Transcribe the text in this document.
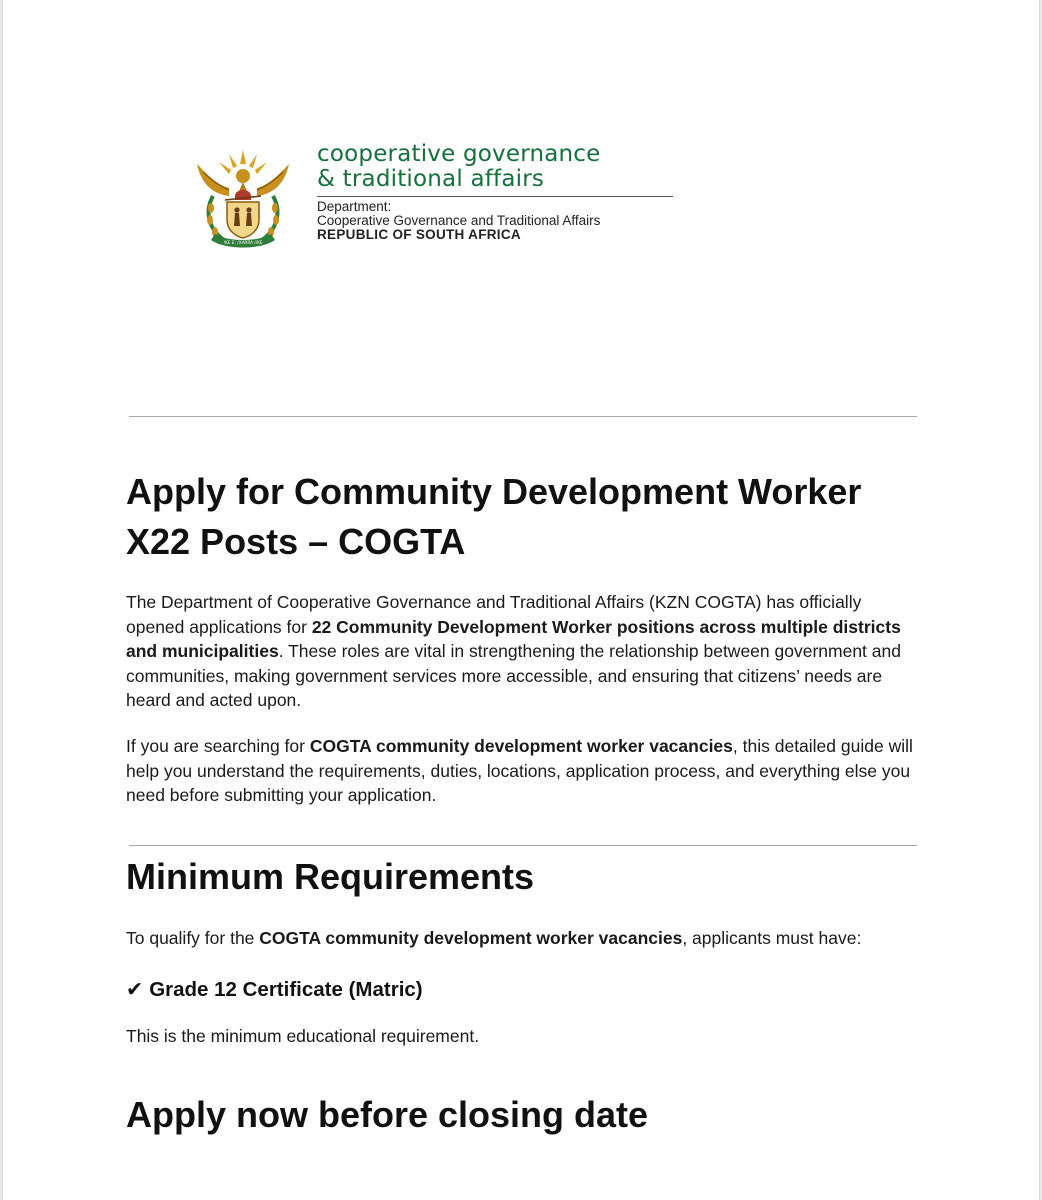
!KE E: /XARRA //KE
cooperative governance
& traditional affairs
Department:
Cooperative Governance and Traditional Affairs
REPUBLIC OF SOUTH AFRICA
Apply for Community Development Worker X22 Posts – COGTA

The Department of Cooperative Governance and Traditional Affairs (KZN COGTA) has officially opened applications for 22 Community Development Worker positions across multiple districts and municipalities. These roles are vital in strengthening the relationship between government and communities, making government services more accessible, and ensuring that citizens’ needs are heard and acted upon.

If you are searching for COGTA community development worker vacancies, this detailed guide will help you understand the requirements, duties, locations, application process, and everything else you need before submitting your application.

Minimum Requirements

To qualify for the COGTA community development worker vacancies, applicants must have:

✔ Grade 12 Certificate (Matric)

This is the minimum educational requirement.

Apply now before closing date
